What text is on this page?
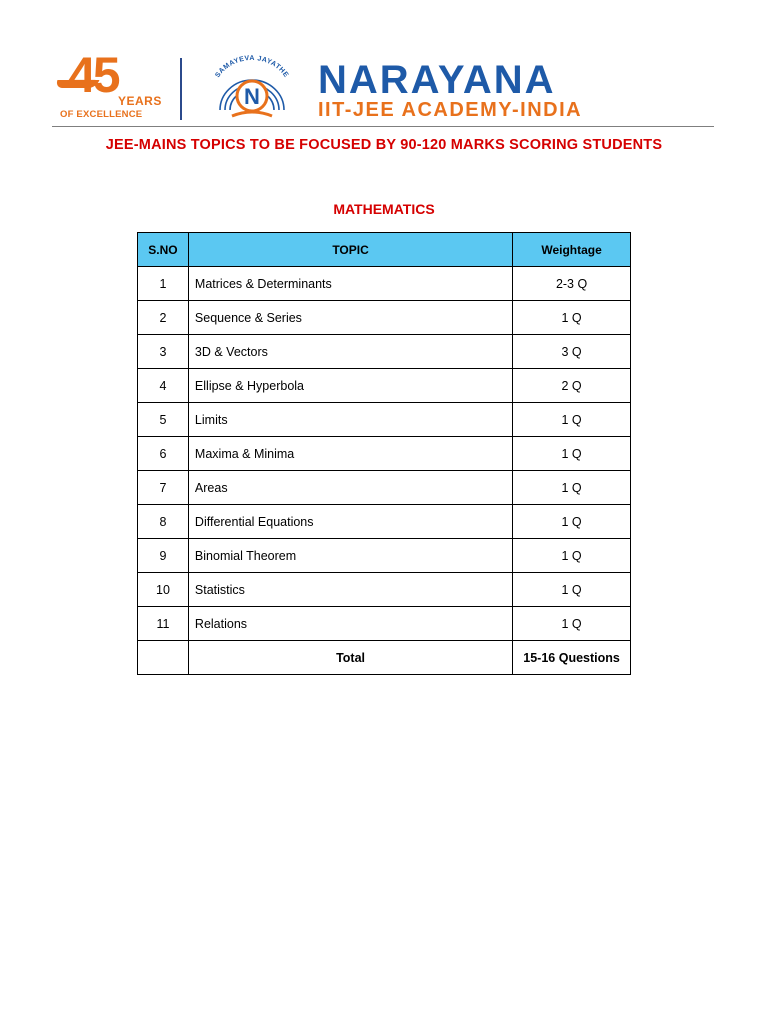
45 YEARS
OF EXCELLENCE
SAMAYEVA JAYATHE
N NARAYANA
IIT-JEE ACADEMY-INDIA
JEE-MAINS TOPICS TO BE FOCUSED BY 90-120 MARKS SCORING STUDENTS
MATHEMATICS
S.NO	TOPIC	Weightage
1	Matrices & Determinants	2-3 Q
2	Sequence & Series	1 Q
3	3D & Vectors	3 Q
4	Ellipse & Hyperbola	2 Q
5	Limits	1 Q
6	Maxima & Minima	1 Q
7	Areas	1 Q
8	Differential Equations	1 Q
9	Binomial Theorem	1 Q
10	Statistics	1 Q
11	Relations	1 Q
	Total	15-16 Questions
